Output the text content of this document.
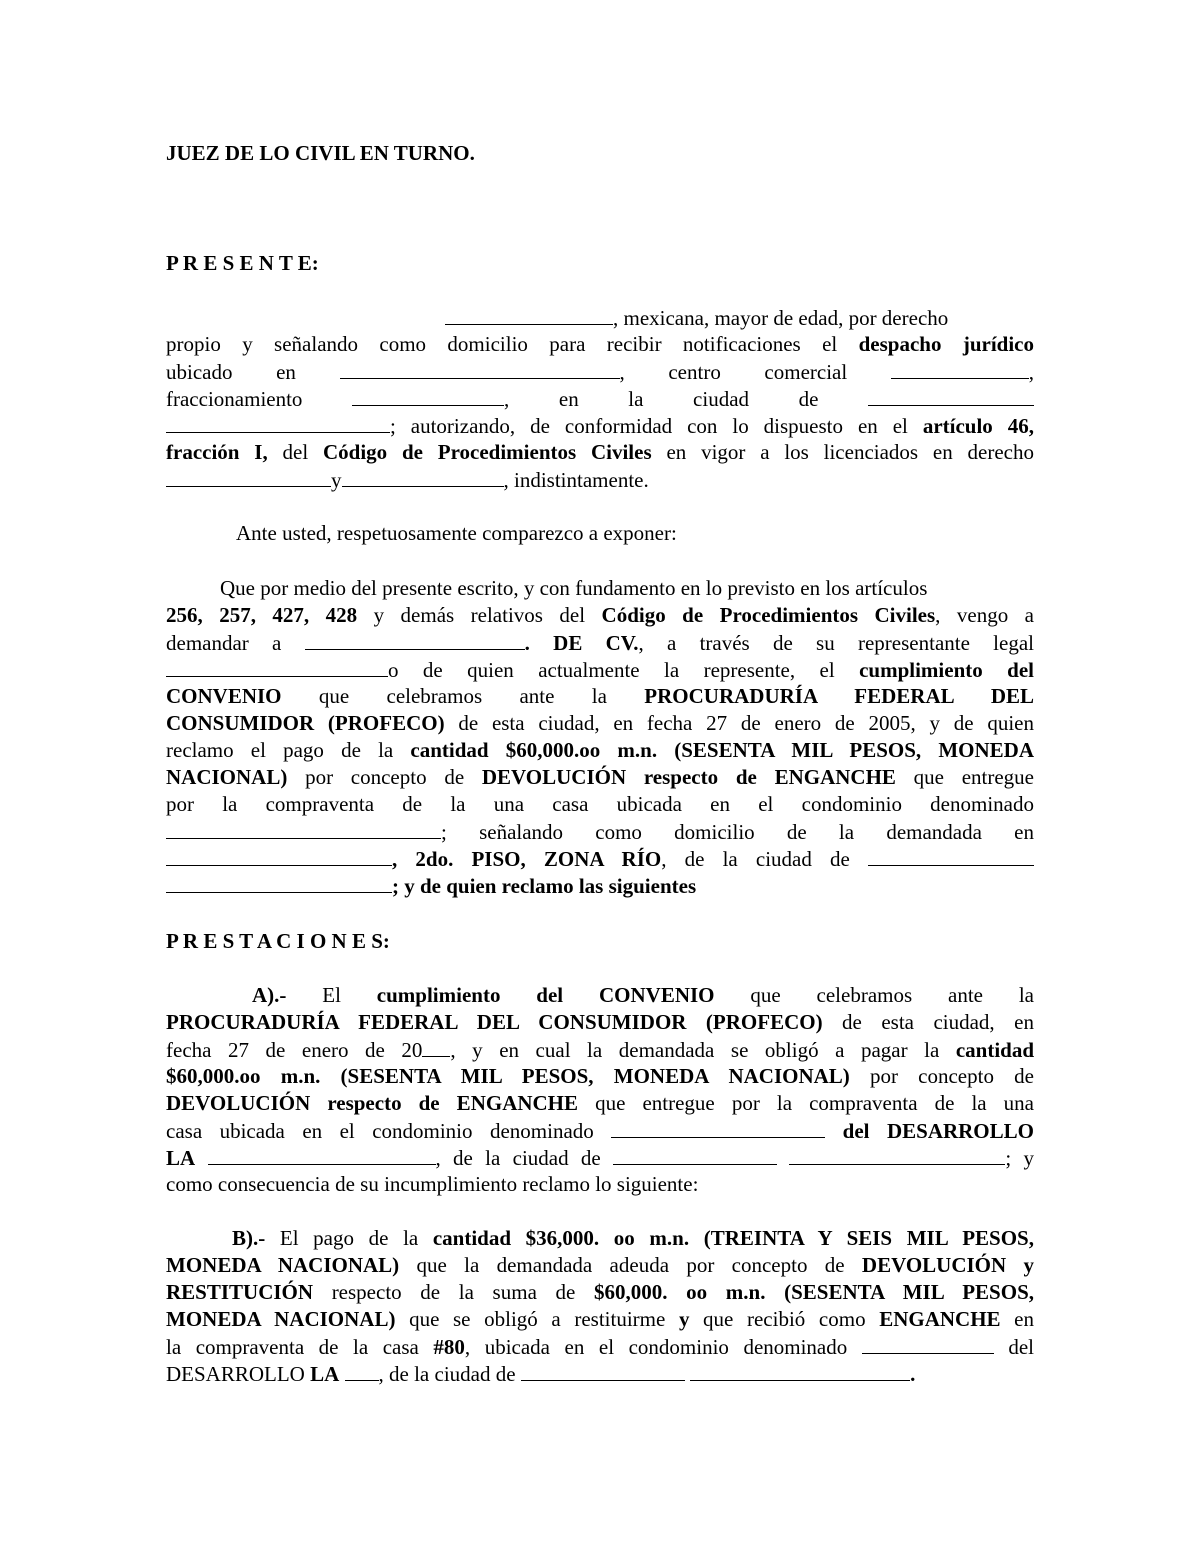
JUEZ DE LO CIVIL EN TURNO.
P R E S E N T E:
, mexicana, mayor de edad, por derecho
propio y señalando como domicilio para recibir notificaciones el despacho jurídico
ubicado en	, centro comercial	,
fraccionamiento	, en la ciudad de
; autorizando, de conformidad con lo dispuesto en el artículo 46,
fracción I, del Código de Procedimientos Civiles en vigor a los licenciados en derecho
y	, indistintamente.
Ante usted, respetuosamente comparezco a exponer:
Que por medio del presente escrito, y con fundamento en lo previsto en los artículos
256, 257, 427, 428 y demás relativos del Código de Procedimientos Civiles, vengo a
demandar a	. DE CV., a través de su representante legal
o de quien actualmente la represente, el cumplimiento del
CONVENIO que celebramos ante la PROCURADURÍA FEDERAL DEL
CONSUMIDOR (PROFECO) de esta ciudad, en fecha 27 de enero de 2005, y de quien
reclamo el pago de la cantidad $60,000.oo m.n. (SESENTA MIL PESOS, MONEDA
NACIONAL) por concepto de DEVOLUCIÓN respecto de ENGANCHE que entregue
por la compraventa de la una casa ubicada en el condominio denominado
; señalando como domicilio de la demandada en
, 2do. PISO, ZONA RÍO, de la ciudad de
; y de quien reclamo las siguientes
P R E S T A C I O N E S:
A).- El cumplimiento del CONVENIO que celebramos ante la
PROCURADURÍA FEDERAL DEL CONSUMIDOR (PROFECO) de esta ciudad, en
fecha 27 de enero de 20 , y en cual la demandada se obligó a pagar la cantidad
$60,000.oo m.n. (SESENTA MIL PESOS, MONEDA NACIONAL) por concepto de
DEVOLUCIÓN respecto de ENGANCHE que entregue por la compraventa de la una
casa ubicada en el condominio denominado	del DESARROLLO
LA	, de la ciudad de	; y
como consecuencia de su incumplimiento reclamo lo siguiente:
B).- El pago de la cantidad $36,000. oo m.n. (TREINTA Y SEIS MIL PESOS,
MONEDA NACIONAL) que la demandada adeuda por concepto de DEVOLUCIÓN y
RESTITUCIÓN respecto de la suma de $60,000. oo m.n. (SESENTA MIL PESOS,
MONEDA NACIONAL) que se obligó a restituirme y que recibió como ENGANCHE en
la compraventa de la casa #80, ubicada en el condominio denominado	del
DESARROLLO LA , de la ciudad de	.
